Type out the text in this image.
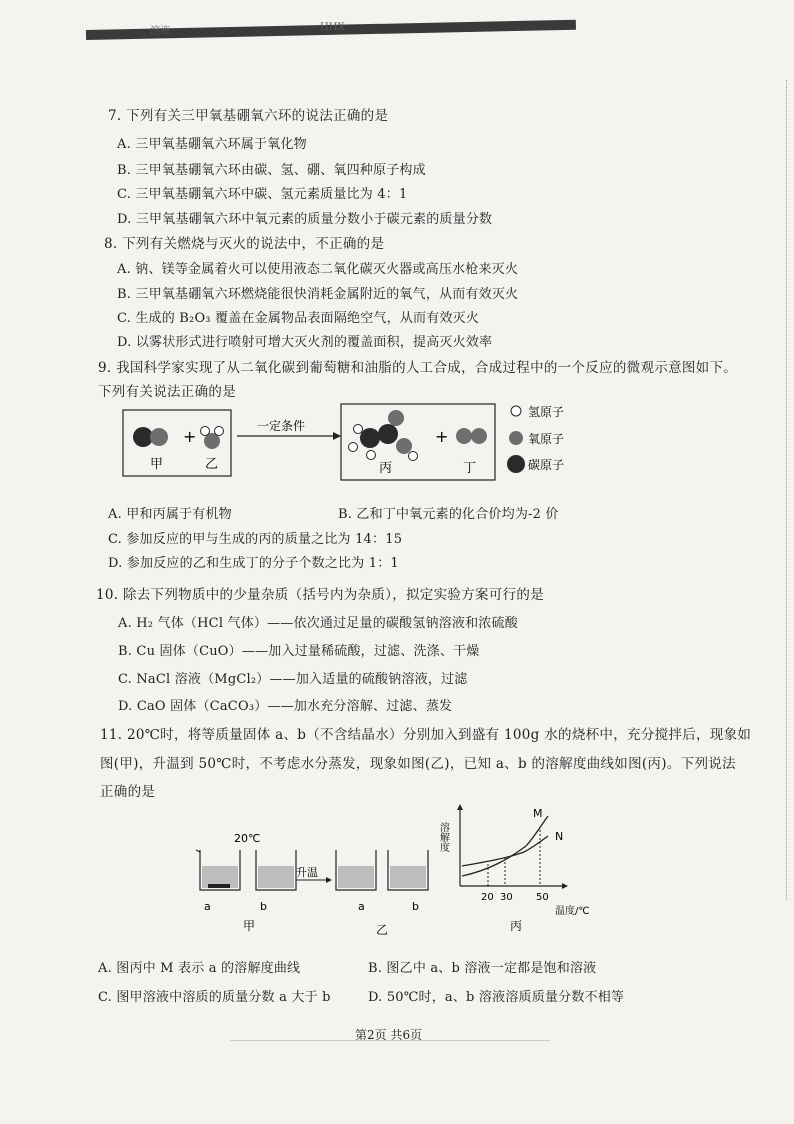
溶液	HHX
7. 下列有关三甲氧基硼氧六环的说法正确的是
A. 三甲氧基硼氧六环属于氧化物
B. 三甲氧基硼氧六环由碳、氢、硼、氧四种原子构成
C. 三甲氧基硼氧六环中碳、氢元素质量比为 4：1
D. 三甲氧基硼氧六环中氧元素的质量分数小于碳元素的质量分数
8. 下列有关燃烧与灭火的说法中，不正确的是
A. 钠、镁等金属着火可以使用液态二氧化碳灭火器或高压水枪来灭火
B. 三甲氧基硼氧六环燃烧能很快消耗金属附近的氧气，从而有效灭火
C. 生成的 B₂O₃ 覆盖在金属物品表面隔绝空气，从而有效灭火
D. 以雾状形式进行喷射可增大灭火剂的覆盖面积，提高灭火效率
9. 我国科学家实现了从二氧化碳到葡萄糖和油脂的人工合成，合成过程中的一个反应的微观示意图如下。
下列有关说法正确的是
+
甲	乙
一定条件
+
丙	丁
氢原子
氧原子
碳原子
A. 甲和丙属于有机物	B. 乙和丁中氧元素的化合价均为-2 价
C. 参加反应的甲与生成的丙的质量之比为 14：15
D. 参加反应的乙和生成丁的分子个数之比为 1：1
10. 除去下列物质中的少量杂质（括号内为杂质），拟定实验方案可行的是
A. H₂ 气体（HCl 气体）——依次通过足量的碳酸氢钠溶液和浓硫酸
B. Cu 固体（CuO）——加入过量稀硫酸，过滤、洗涤、干燥
C. NaCl 溶液（MgCl₂）——加入适量的硫酸钠溶液，过滤
D. CaO 固体（CaCO₃）——加水充分溶解、过滤、蒸发
11. 20℃时，将等质量固体 a、b（不含结晶水）分别加入到盛有 100g 水的烧杯中，充分搅拌后，现象如
图(甲)，升温到 50℃时，不考虑水分蒸发，现象如图(乙)，已知 a、b 的溶解度曲线如图(丙)。下列说法
正确的是
20℃
升温
a	b	a	b
甲	乙
溶解度
M
N
20 30 50
温度/℃
丙
A. 图丙中 M 表示 a 的溶解度曲线	B. 图乙中 a、b 溶液一定都是饱和溶液
C. 图甲溶液中溶质的质量分数 a 大于 b	D. 50℃时，a、b 溶液溶质质量分数不相等
第2页 共6页
